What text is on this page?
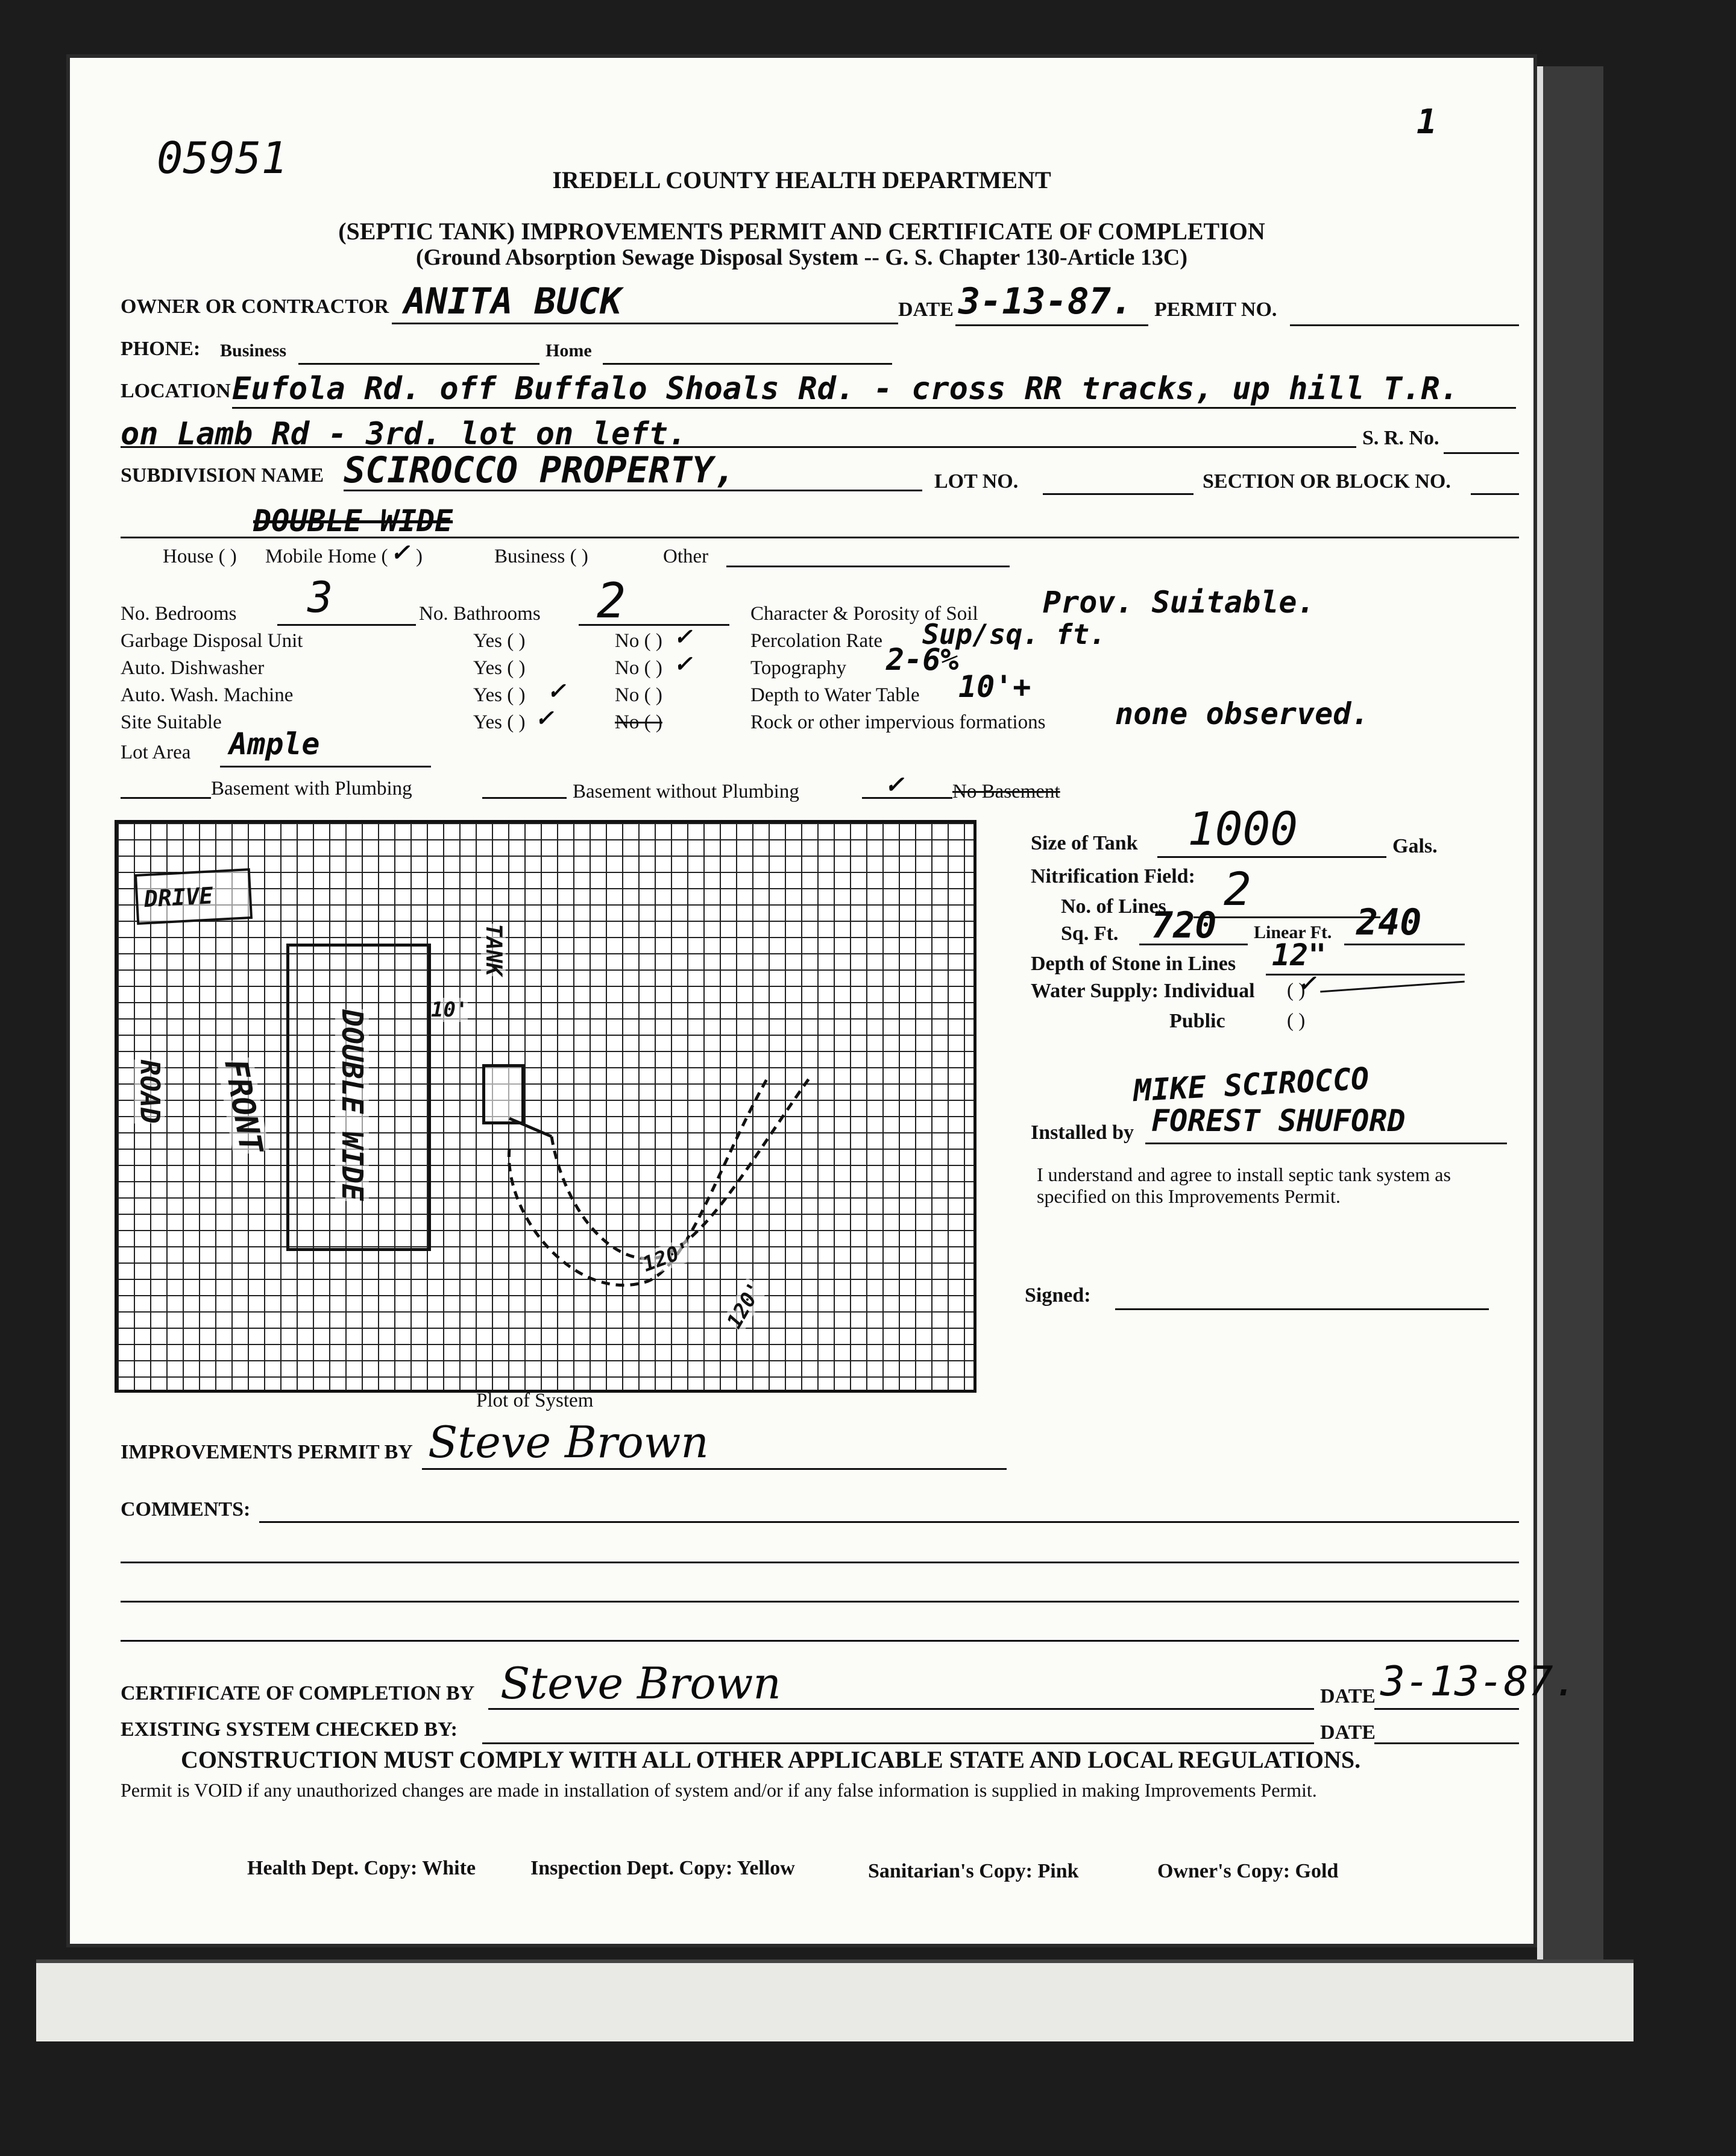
05951
1
IREDELL COUNTY HEALTH DEPARTMENT
(SEPTIC TANK) IMPROVEMENTS PERMIT AND CERTIFICATE OF COMPLETION
(Ground Absorption Sewage Disposal System -- G. S. Chapter 130-Article 13C)
OWNER OR CONTRACTOR ANITA BUCK	DATE 3-13-87. PERMIT NO.
PHONE: Business	Home
LOCATION Eufola Rd. off Buffalo Shoals Rd. - cross RR tracks, up hill T.R.
on Lamb Rd - 3rd. lot on left.	S. R. No.
SUBDIVISION NAME SCIROCCO PROPERTY,	LOT NO.	SECTION OR BLOCK NO.
DOUBLE WIDE
House ( ) Mobile Home ( ✓ )	Business ( )	Other
No. Bedrooms 3	No. Bathrooms 2	Character & Porosity of Soil Prov. Suitable.
Garbage Disposal Unit	Yes ( )	No ( ) ✓	Percolation Rate Sup/sq. ft.
Auto. Dishwasher	Yes ( )	No ( ) ✓	Topography 2-6%
Auto. Wash. Machine	Yes ( ) ✓	No ( )	Depth to Water Table 10'+
Site Suitable	Yes ( ) ✓	No ( )	Rock or other impervious formations none observed.
Lot Area Ample
Basement with Plumbing	Basement without Plumbing	✓	No Basement
DRIVE
ROAD FRONT DOUBLE WIDE	10'
TANK
120'
120'
Plot of System
Size of Tank 1000	Gals.
Nitrification Field:
No. of Lines 2
Sq. Ft. 720 Linear Ft. 240
Depth of Stone in Lines 12"
Water Supply: Individual ( )
✓
Public	( )
MIKE SCIROCCO
Installed by FOREST SHUFORD
I understand and agree to install septic tank system as specified on this Improvements Permit.
Signed:
IMPROVEMENTS PERMIT BY Steve Brown
COMMENTS:
CERTIFICATE OF COMPLETION BY Steve Brown	DATE 3-13-87.
EXISTING SYSTEM CHECKED BY:	DATE
CONSTRUCTION MUST COMPLY WITH ALL OTHER APPLICABLE STATE AND LOCAL REGULATIONS.
Permit is VOID if any unauthorized changes are made in installation of system and/or if any false information is supplied in making Improvements Permit.
Health Dept. Copy: White	Inspection Dept. Copy: Yellow	Sanitarian's Copy: Pink	Owner's Copy: Gold
